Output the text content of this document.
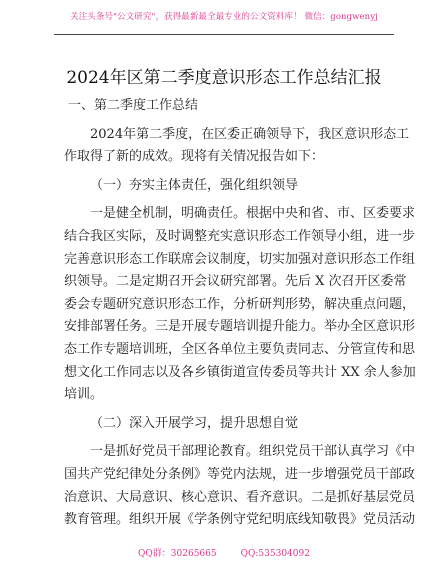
关注头条号"公文研究"，获得最新最全最专业的公文资料库！ 微信：gongwenyj
2024年区第二季度意识形态工作总结汇报
一、第二季度工作总结
2024年第二季度，在区委正确领导下，我区意识形态工
作取得了新的成效。现将有关情况报告如下：
（一）夯实主体责任，强化组织领导
一是健全机制，明确责任。根据中央和省、市、区委要求
结合我区实际，及时调整充实意识形态工作领导小组，进一步
完善意识形态工作联席会议制度，切实加强对意识形态工作组
织领导。二是定期召开会议研究部署。先后 X 次召开区委常
委会专题研究意识形态工作，分析研判形势，解决重点问题，
安排部署任务。三是开展专题培训提升能力。举办全区意识形
态工作专题培训班，全区各单位主要负责同志、分管宣传和思
想文化工作同志以及各乡镇街道宣传委员等共计 XX 余人参加
培训。
（二）深入开展学习，提升思想自觉
一是抓好党员干部理论教育。组织党员干部认真学习《中
国共产党纪律处分条例》等党内法规，进一步增强党员干部政
治意识、大局意识、核心意识、看齐意识。二是抓好基层党员
教育管理。组织开展《学条例守党纪明底线知敬畏》党员活动
QQ群：30265665	QQ:535304092
